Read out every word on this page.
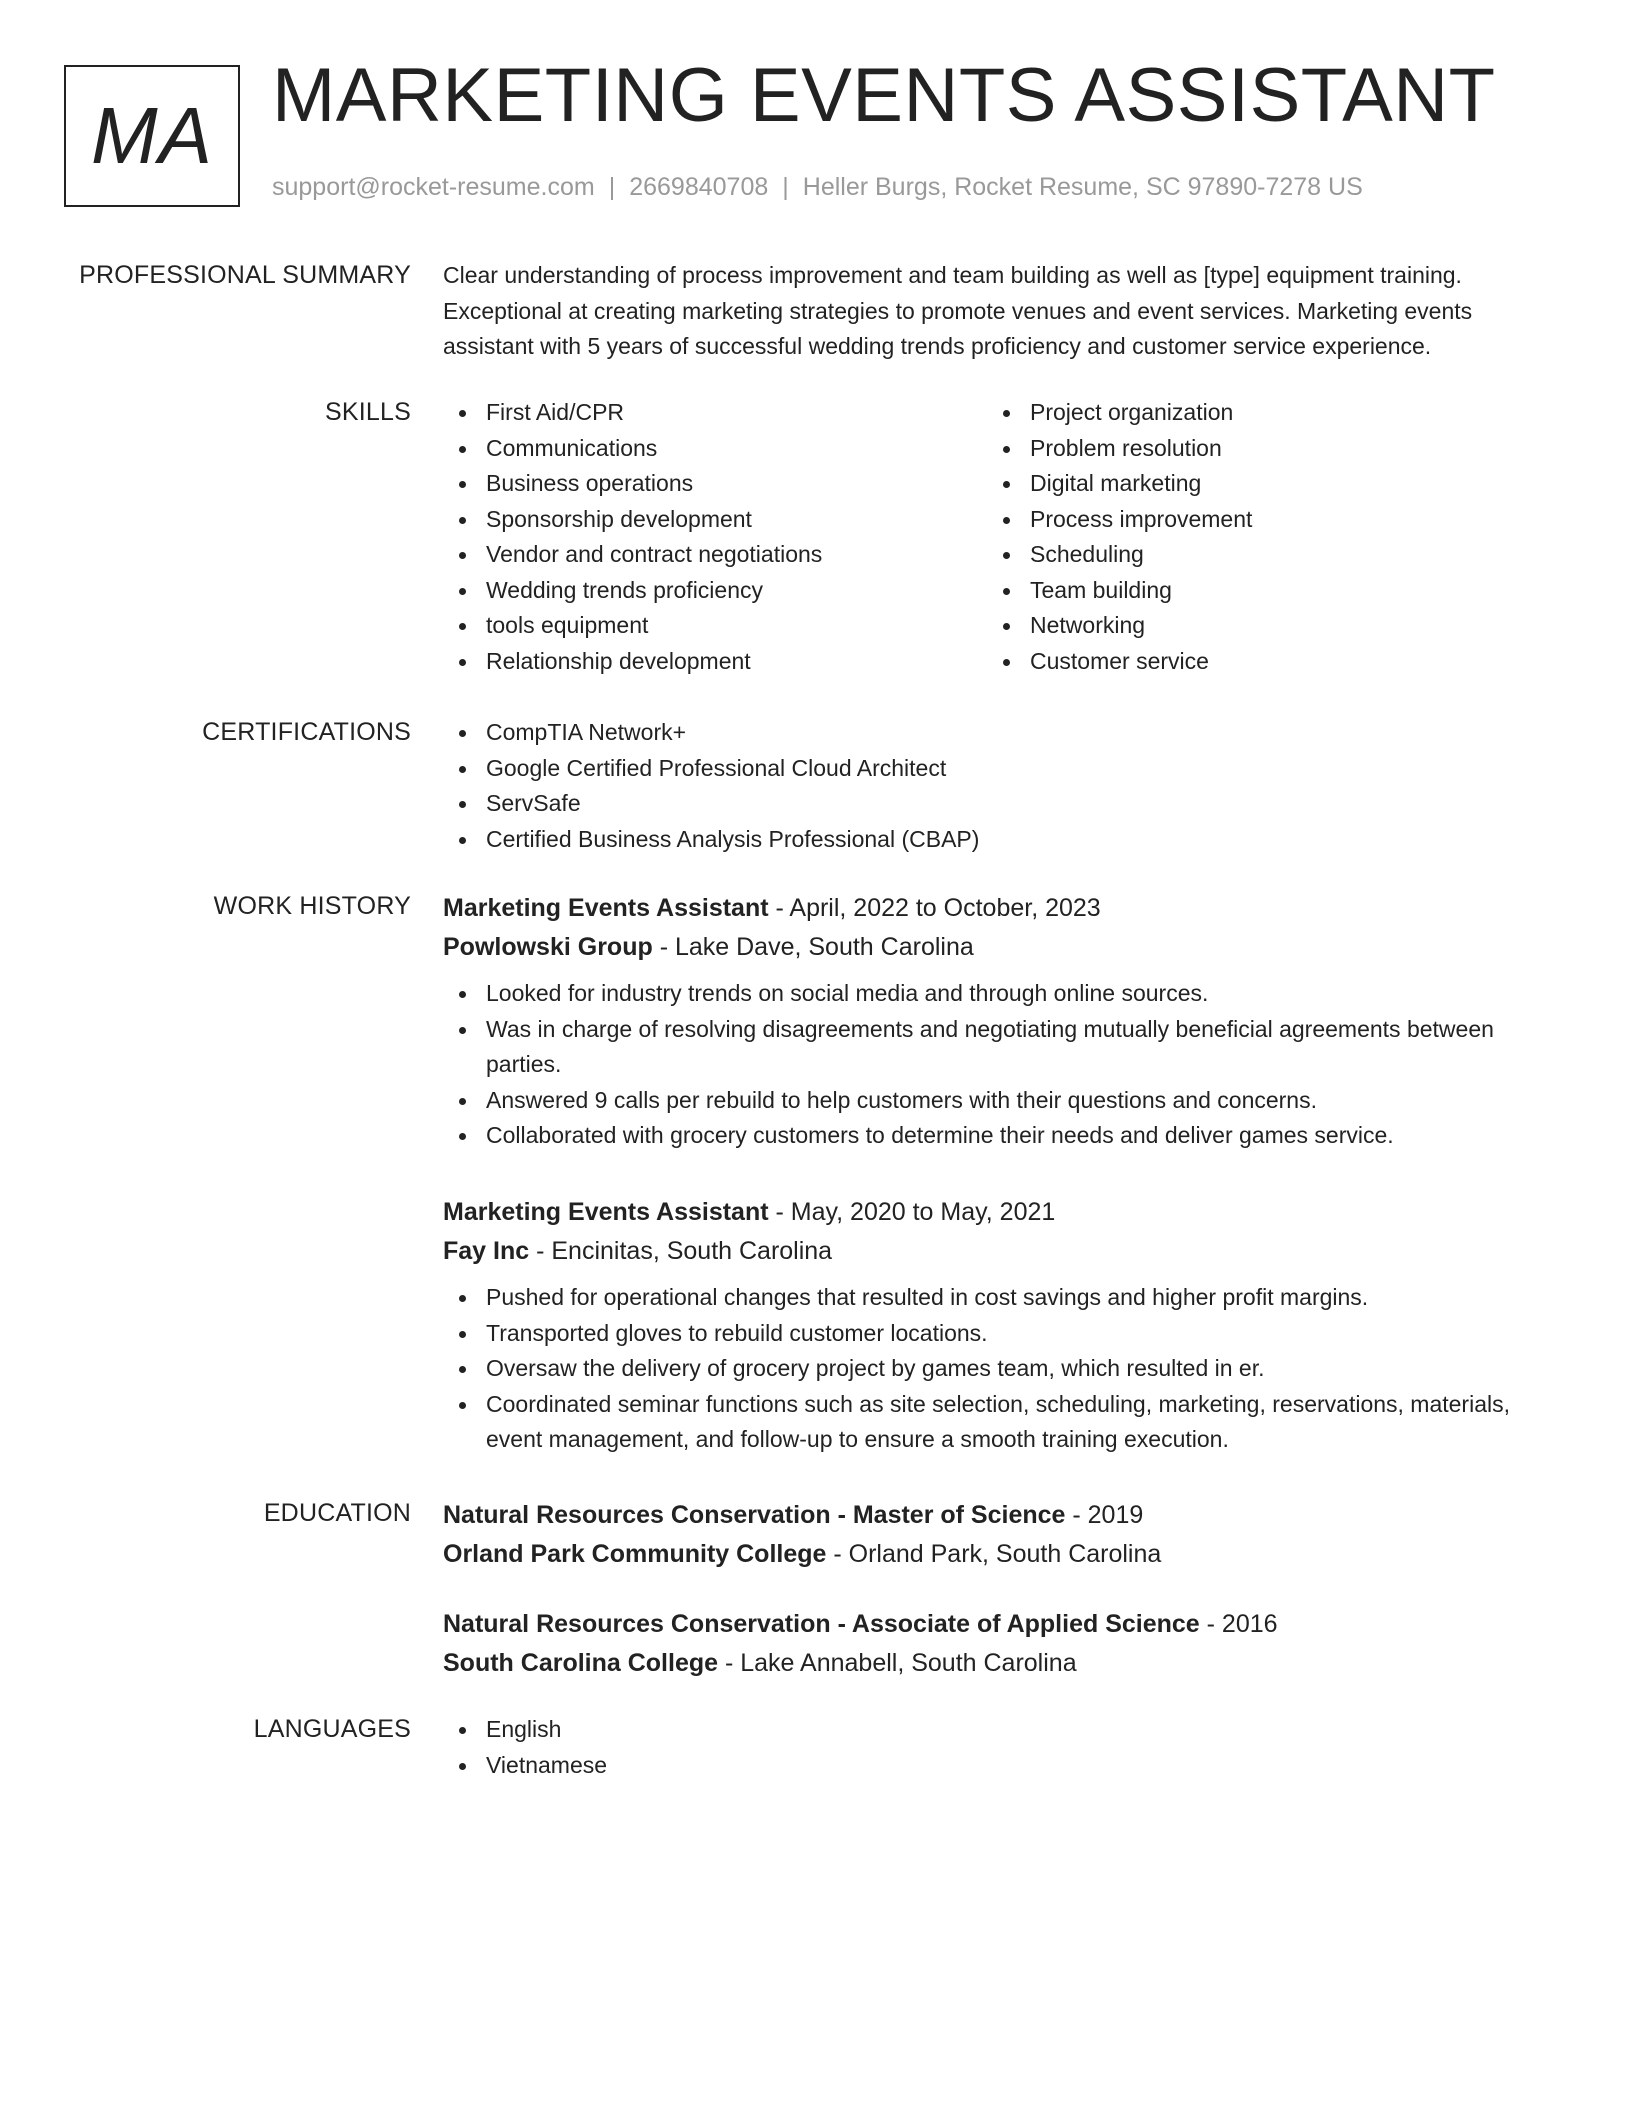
MA MARKETING EVENTS ASSISTANT
support@rocket-resume.com | 2669840708 | Heller Burgs, Rocket Resume, SC 97890-7278 US
PROFESSIONAL SUMMARY Clear understanding of process improvement and team building as well as [type] equipment training. Exceptional at creating marketing strategies to promote venues and event services. Marketing events assistant with 5 years of successful wedding trends proficiency and customer service experience.

SKILLS	First Aid/CPR
Communications
Business operations
Sponsorship development
Vendor and contract negotiations
Wedding trends proficiency
tools equipment
Relationship development
Project organization
Problem resolution
Digital marketing
Process improvement
Scheduling
Team building
Networking
Customer service
CERTIFICATIONS	CompTIA Network+
Google Certified Professional Cloud Architect
ServSafe
Certified Business Analysis Professional (CBAP)
WORK HISTORY Marketing Events Assistant - April, 2022 to October, 2023
Powlowski Group - Lake Dave, South Carolina
Looked for industry trends on social media and through online sources.
Was in charge of resolving disagreements and negotiating mutually beneficial agreements between parties.
Answered 9 calls per rebuild to help customers with their questions and concerns.
Collaborated with grocery customers to determine their needs and deliver games service.
Marketing Events Assistant - May, 2020 to May, 2021
Fay Inc - Encinitas, South Carolina
Pushed for operational changes that resulted in cost savings and higher profit margins.
Transported gloves to rebuild customer locations.
Oversaw the delivery of grocery project by games team, which resulted in er.
Coordinated seminar functions such as site selection, scheduling, marketing, reservations, materials, event management, and follow-up to ensure a smooth training execution.
EDUCATION Natural Resources Conservation - Master of Science - 2019
Orland Park Community College - Orland Park, South Carolina
Natural Resources Conservation - Associate of Applied Science - 2016
South Carolina College - Lake Annabell, South Carolina
LANGUAGES	English
Vietnamese
